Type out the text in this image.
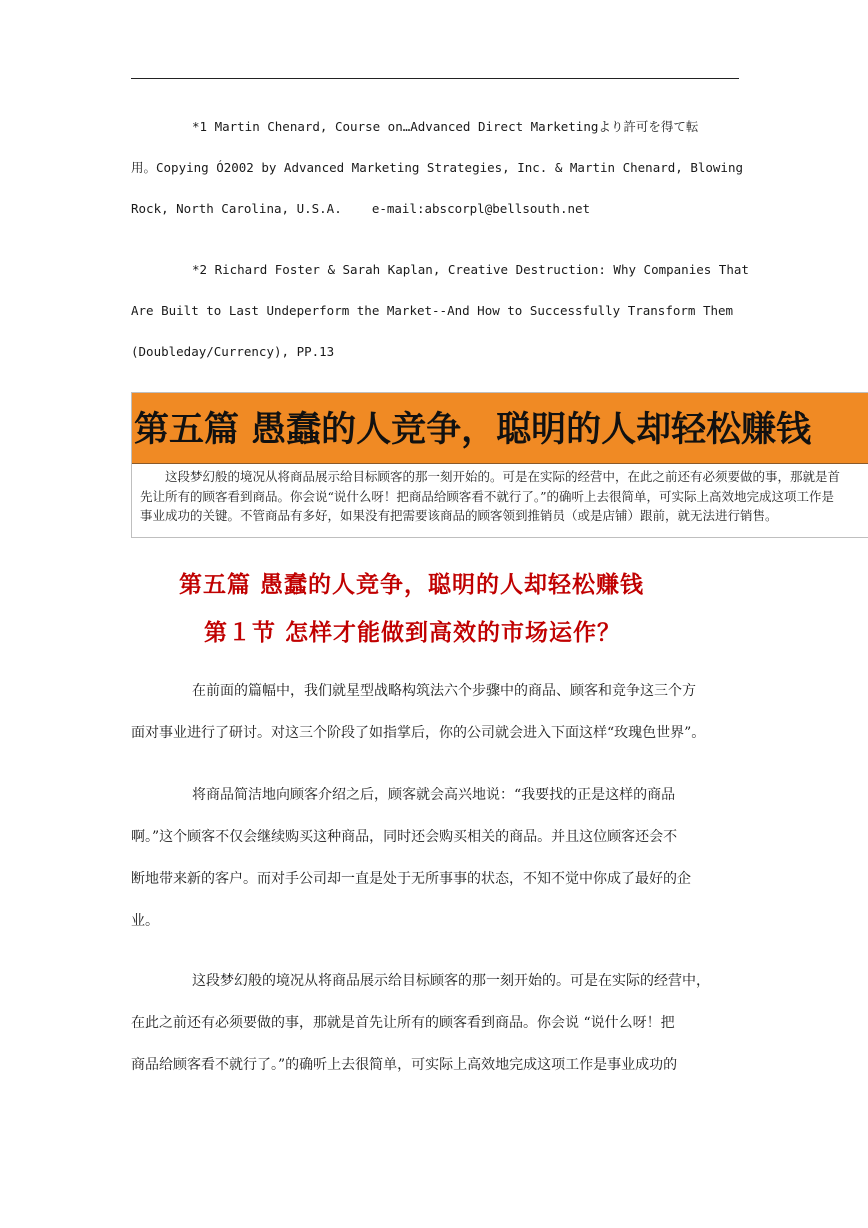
*1 Martin Chenard, Course on…Advanced Direct Marketingより許可を得て転

用。Copying Ó2002 by Advanced Marketing Strategies, Inc. & Martin Chenard, Blowing

Rock, North Carolina, U.S.A.    e-mail:abscorpl@bellsouth.net

*2 Richard Foster & Sarah Kaplan, Creative Destruction: Why Companies That

Are Built to Last Undeperform the Market--And How to Successfully Transform Them

(Doubleday/Currency), PP.13

第五篇 愚蠢的人竞争，聪明的人却轻松赚钱
这段梦幻般的境况从将商品展示给目标顾客的那一刻开始的。可是在实际的经营中，在此之前还有必须要做的事，那就是首
先让所有的顾客看到商品。你会说“说什么呀！把商品给顾客看不就行了。”的确听上去很简单，可实际上高效地完成这项工作是
事业成功的关键。不管商品有多好，如果没有把需要该商品的顾客领到推销员（或是店铺）跟前，就无法进行销售。
第五篇 愚蠢的人竞争，聪明的人却轻松赚钱
第１节 怎样才能做到高效的市场运作？

在前面的篇幅中，我们就星型战略构筑法六个步骤中的商品、顾客和竞争这三个方

面对事业进行了研讨。对这三个阶段了如指掌后，你的公司就会进入下面这样“玫瑰色世界”。

将商品简洁地向顾客介绍之后，顾客就会高兴地说：“我要找的正是这样的商品

啊。”这个顾客不仅会继续购买这种商品，同时还会购买相关的商品。并且这位顾客还会不

断地带来新的客户。而对手公司却一直是处于无所事事的状态，不知不觉中你成了最好的企

业。

这段梦幻般的境况从将商品展示给目标顾客的那一刻开始的。可是在实际的经营中，

在此之前还有必须要做的事，那就是首先让所有的顾客看到商品。你会说 “说什么呀！把

商品给顾客看不就行了。”的确听上去很简单，可实际上高效地完成这项工作是事业成功的
